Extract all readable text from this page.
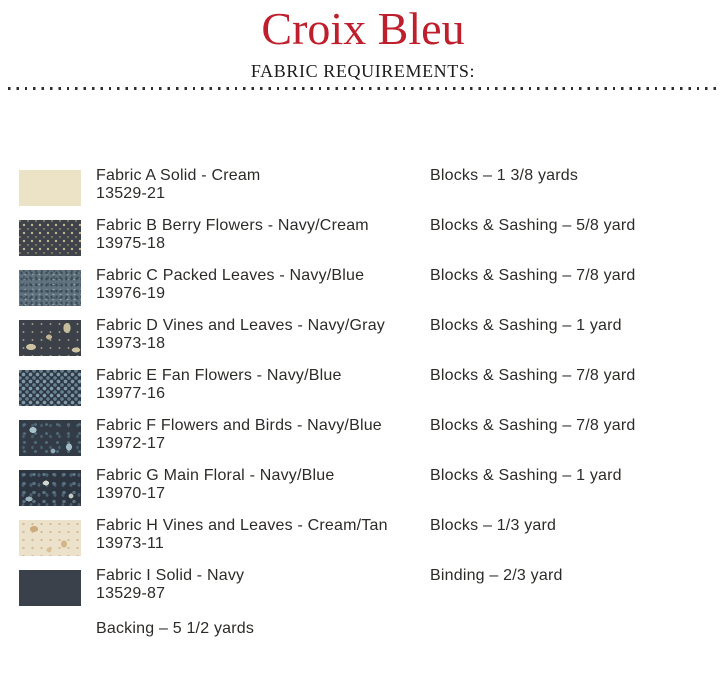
Croix Bleu
FABRIC REQUIREMENTS:
Fabric A Solid - Cream
13529-21
Blocks – 1 3/8 yards
Fabric B Berry Flowers - Navy/Cream
13975-18
Blocks & Sashing – 5/8 yard
Fabric C Packed Leaves - Navy/Blue
13976-19
Blocks & Sashing – 7/8 yard
Fabric D Vines and Leaves - Navy/Gray
13973-18
Blocks & Sashing – 1 yard
Fabric E Fan Flowers - Navy/Blue
13977-16
Blocks & Sashing – 7/8 yard
Fabric F Flowers and Birds - Navy/Blue
13972-17
Blocks & Sashing – 7/8 yard
Fabric G Main Floral - Navy/Blue
13970-17
Blocks & Sashing – 1 yard
Fabric H Vines and Leaves - Cream/Tan
13973-11
Blocks – 1/3 yard
Fabric I Solid - Navy
13529-87
Binding – 2/3 yard
Backing – 5 1/2 yards
